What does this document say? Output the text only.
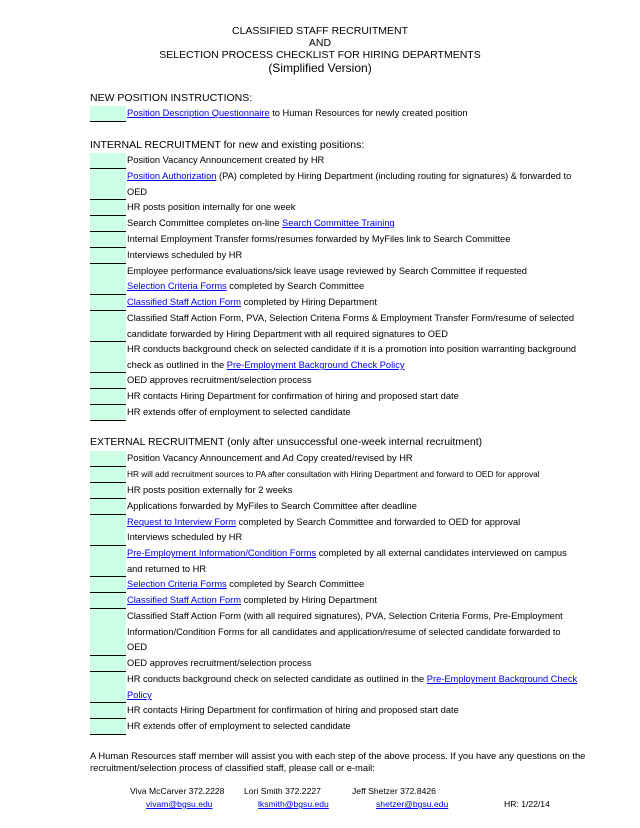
CLASSIFIED STAFF RECRUITMENT
AND
SELECTION PROCESS CHECKLIST FOR HIRING DEPARTMENTS
(Simplified Version)
NEW POSITION INSTRUCTIONS:
Position Description Questionnaire to Human Resources for newly created position
INTERNAL RECRUITMENT for new and existing positions:
Position Vacancy Announcement created by HR
Position Authorization (PA) completed by Hiring Department (including routing for signatures) & forwarded to
OED
HR posts position internally for one week
Search Committee completes on-line Search Committee Training
Internal Employment Transfer forms/resumes forwarded by MyFiles link to Search Committee
Interviews scheduled by HR
Employee performance evaluations/sick leave usage reviewed by Search Committee if requested
Selection Criteria Forms completed by Search Committee
Classified Staff Action Form completed by Hiring Department
Classified Staff Action Form, PVA, Selection Criteria Forms & Employment Transfer Form/resume of selected
candidate forwarded by Hiring Department with all required signatures to OED
HR conducts background check on selected candidate if it is a promotion into position warranting background
check as outlined in the Pre-Employment Background Check Policy
OED approves recruitment/selection process
HR contacts Hiring Department for confirmation of hiring and proposed start date
HR extends offer of employment to selected candidate
EXTERNAL RECRUITMENT (only after unsuccessful one-week internal recruitment)
Position Vacancy Announcement and Ad Copy created/revised by HR
HR will add recruitment sources to PA after consultation with Hiring Department and forward to OED for approval
HR posts position externally for 2 weeks
Applications forwarded by MyFiles to Search Committee after deadline
Request to Interview Form completed by Search Committee and forwarded to OED for approval
Interviews scheduled by HR
Pre-Employment Information/Condition Forms completed by all external candidates interviewed on campus
and returned to HR
Selection Criteria Forms completed by Search Committee
Classified Staff Action Form completed by Hiring Department
Classified Staff Action Form (with all required signatures), PVA, Selection Criteria Forms, Pre-Employment
Information/Condition Forms for all candidates and application/resume of selected candidate forwarded to
OED
OED approves recruitment/selection process
HR conducts background check on selected candidate as outlined in the Pre-Employment Background Check
Policy
HR contacts Hiring Department for confirmation of hiring and proposed start date
HR extends offer of employment to selected candidate
A Human Resources staff member will assist you with each step of the above process. If you have any questions on the recruitment/selection process of classified staff, please call or e-mail:
Viva McCarver 372.2228 Lori Smith 372.2227	Jeff Shetzer 372.8426
vivam@bgsu.edu	lksmith@bgsu.edu	shetzer@bgsu.edu	HR: 1/22/14
